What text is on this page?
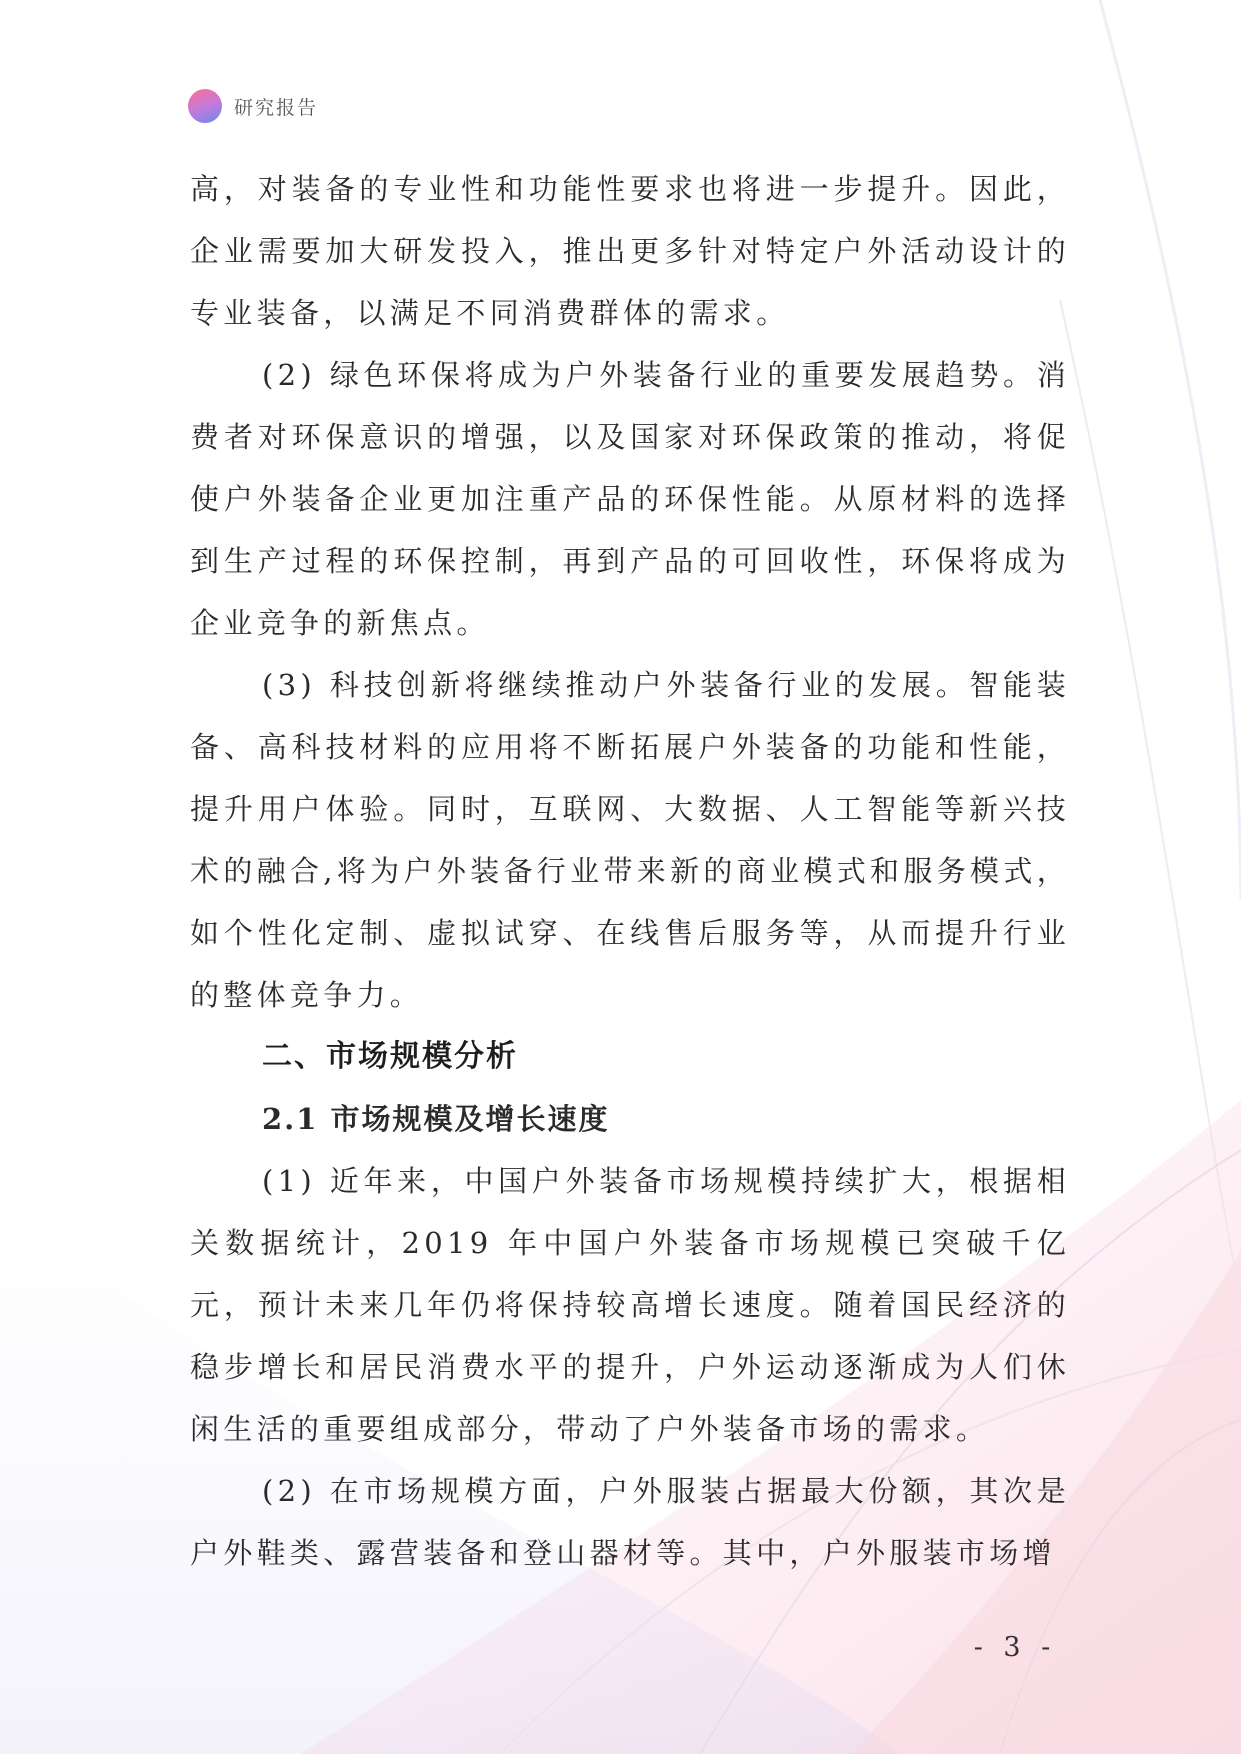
研究报告

高，对装备的专业性和功能性要求也将进一步提升。因此，企业需要加大研发投入，推出更多针对特定户外活动设计的专业装备，以满足不同消费群体的需求。

(2) 绿色环保将成为户外装备行业的重要发展趋势。消费者对环保意识的增强，以及国家对环保政策的推动，将促使户外装备企业更加注重产品的环保性能。从原材料的选择到生产过程的环保控制，再到产品的可回收性，环保将成为企业竞争的新焦点。

(3) 科技创新将继续推动户外装备行业的发展。智能装备、高科技材料的应用将不断拓展户外装备的功能和性能，提升用户体验。同时，互联网、大数据、人工智能等新兴技术的融合,将为户外装备行业带来新的商业模式和服务模式，如个性化定制、虚拟试穿、在线售后服务等，从而提升行业的整体竞争力。

二、市场规模分析
2.1 市场规模及增长速度

(1) 近年来，中国户外装备市场规模持续扩大，根据相关数据统计，2019 年中国户外装备市场规模已突破千亿元，预计未来几年仍将保持较高增长速度。随着国民经济的稳步增长和居民消费水平的提升，户外运动逐渐成为人们休闲生活的重要组成部分，带动了户外装备市场的需求。

(2) 在市场规模方面，户外服装占据最大份额，其次是户外鞋类、露营装备和登山器材等。其中，户外服装市场增

- 3 -
